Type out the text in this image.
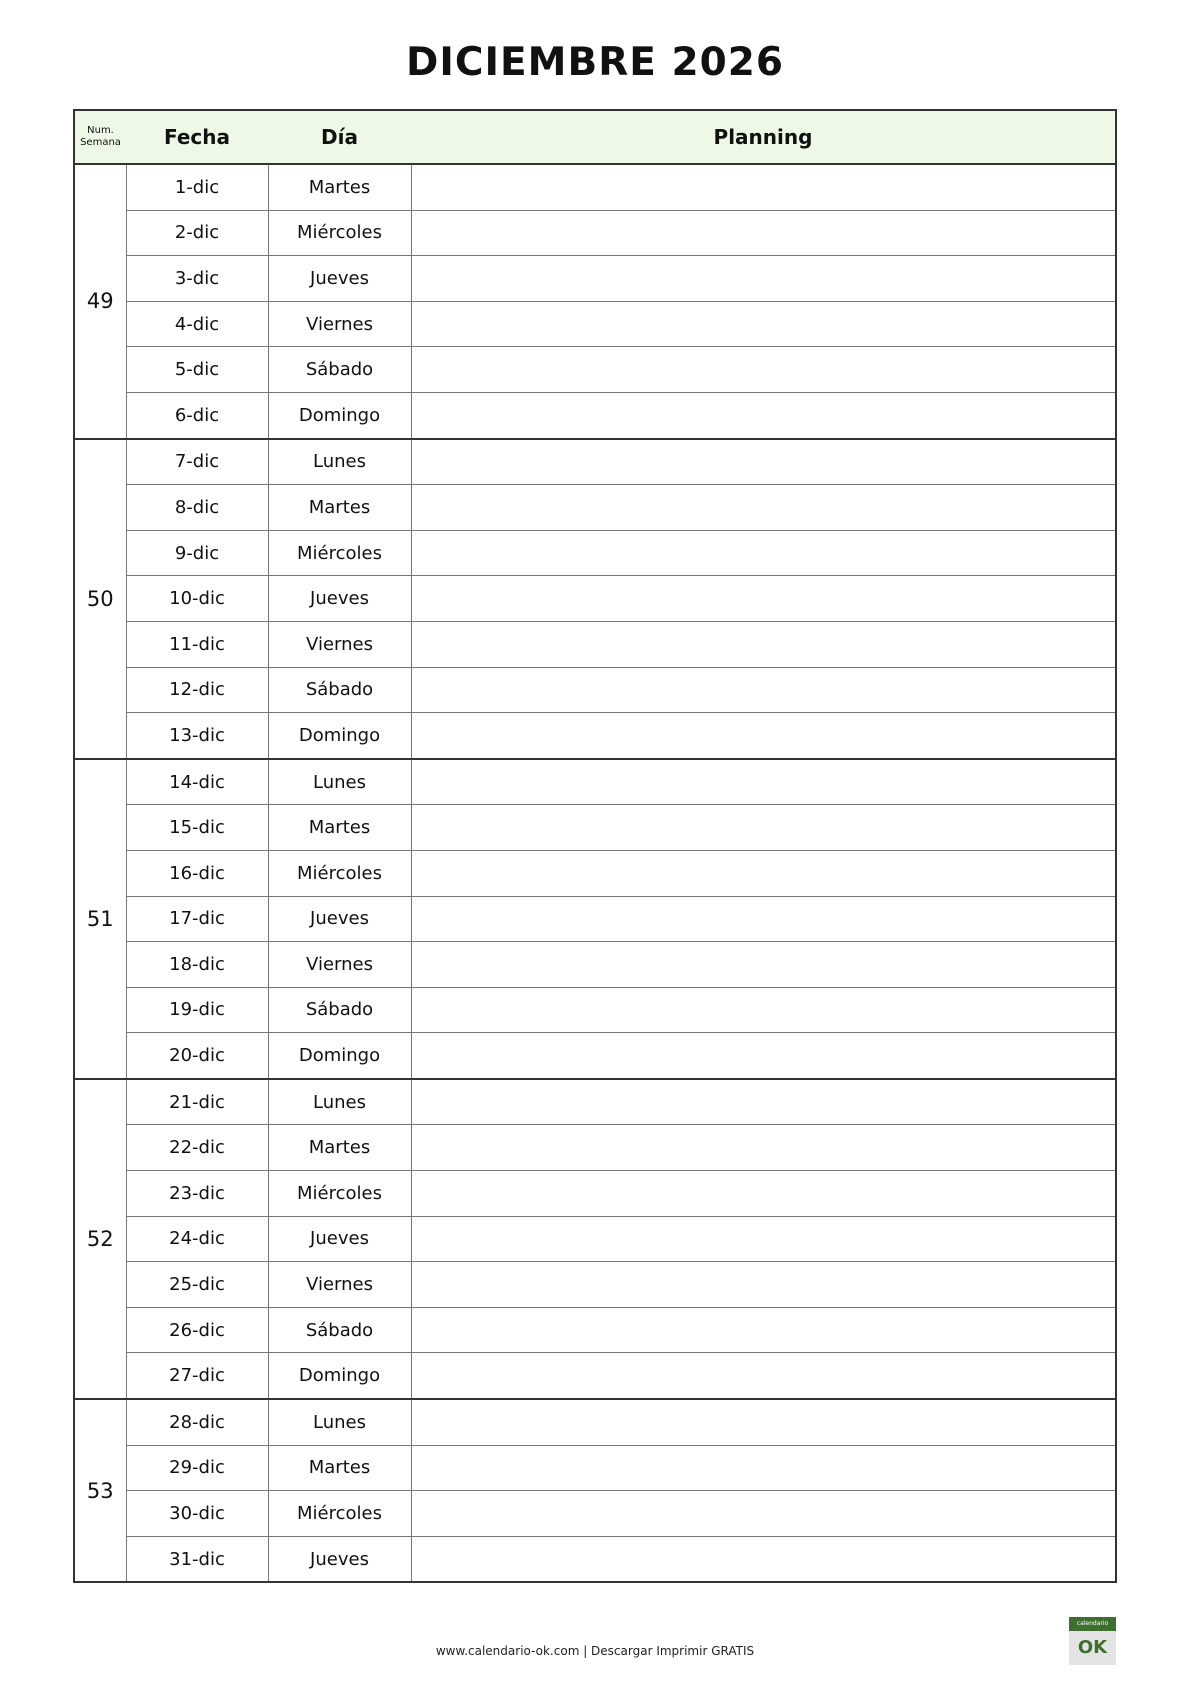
DICIEMBRE 2026
Num.
Semana	Fecha	Día	Planning
49	1-dic	Martes	
	2-dic	Miércoles	
	3-dic	Jueves	
	4-dic	Viernes	
	5-dic	Sábado	
	6-dic	Domingo	
50	7-dic	Lunes	
	8-dic	Martes	
	9-dic	Miércoles	
	10-dic	Jueves	
	11-dic	Viernes	
	12-dic	Sábado	
	13-dic	Domingo	
51	14-dic	Lunes	
	15-dic	Martes	
	16-dic	Miércoles	
	17-dic	Jueves	
	18-dic	Viernes	
	19-dic	Sábado	
	20-dic	Domingo	
52	21-dic	Lunes	
	22-dic	Martes	
	23-dic	Miércoles	
	24-dic	Jueves	
	25-dic	Viernes	
	26-dic	Sábado	
	27-dic	Domingo	
53	28-dic	Lunes	
	29-dic	Martes	
	30-dic	Miércoles	
	31-dic	Jueves	
www.calendario-ok.com | Descargar Imprimir GRATIS
calendario
OK
